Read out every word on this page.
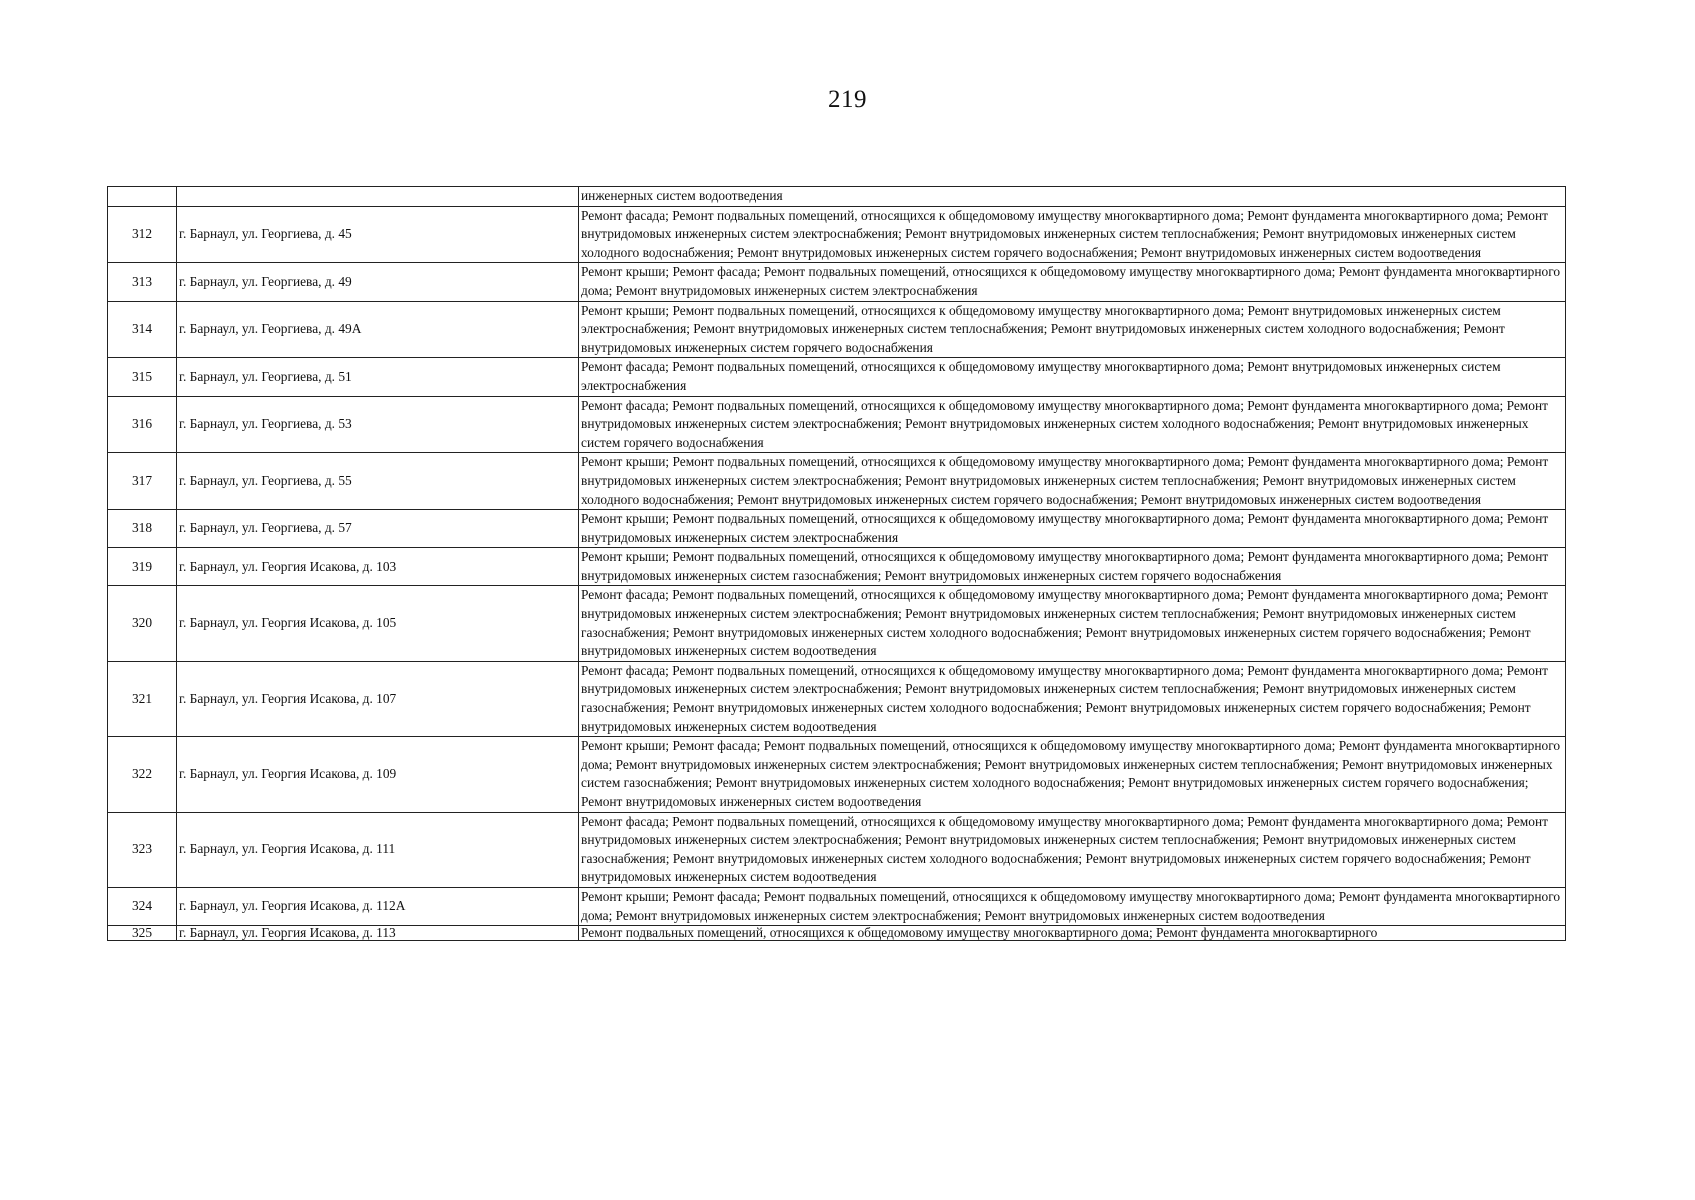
219
		инженерных систем водоотведения
312	г. Барнаул, ул. Георгиева, д. 45	Ремонт фасада; Ремонт подвальных помещений, относящихся к общедомовому имуществу многоквартирного дома; Ремонт фундамента многоквартирного дома; Ремонт внутридомовых инженерных систем электроснабжения; Ремонт внутридомовых инженерных систем теплоснабжения; Ремонт внутридомовых инженерных систем холодного водоснабжения; Ремонт внутридомовых инженерных систем горячего водоснабжения; Ремонт внутридомовых инженерных систем водоотведения
313	г. Барнаул, ул. Георгиева, д. 49	Ремонт крыши; Ремонт фасада; Ремонт подвальных помещений, относящихся к общедомовому имуществу многоквартирного дома; Ремонт фундамента многоквартирного дома; Ремонт внутридомовых инженерных систем электроснабжения
314	г. Барнаул, ул. Георгиева, д. 49А	Ремонт крыши; Ремонт подвальных помещений, относящихся к общедомовому имуществу многоквартирного дома; Ремонт внутридомовых инженерных систем электроснабжения; Ремонт внутридомовых инженерных систем теплоснабжения; Ремонт внутридомовых инженерных систем холодного водоснабжения; Ремонт внутридомовых инженерных систем горячего водоснабжения
315	г. Барнаул, ул. Георгиева, д. 51	Ремонт фасада; Ремонт подвальных помещений, относящихся к общедомовому имуществу многоквартирного дома; Ремонт внутридомовых инженерных систем электроснабжения
316	г. Барнаул, ул. Георгиева, д. 53	Ремонт фасада; Ремонт подвальных помещений, относящихся к общедомовому имуществу многоквартирного дома; Ремонт фундамента многоквартирного дома; Ремонт внутридомовых инженерных систем электроснабжения; Ремонт внутридомовых инженерных систем холодного водоснабжения; Ремонт внутридомовых инженерных систем горячего водоснабжения
317	г. Барнаул, ул. Георгиева, д. 55	Ремонт крыши; Ремонт подвальных помещений, относящихся к общедомовому имуществу многоквартирного дома; Ремонт фундамента многоквартирного дома; Ремонт внутридомовых инженерных систем электроснабжения; Ремонт внутридомовых инженерных систем теплоснабжения; Ремонт внутридомовых инженерных систем холодного водоснабжения; Ремонт внутридомовых инженерных систем горячего водоснабжения; Ремонт внутридомовых инженерных систем водоотведения
318	г. Барнаул, ул. Георгиева, д. 57	Ремонт крыши; Ремонт подвальных помещений, относящихся к общедомовому имуществу многоквартирного дома; Ремонт фундамента многоквартирного дома; Ремонт внутридомовых инженерных систем электроснабжения
319	г. Барнаул, ул. Георгия Исакова, д. 103	Ремонт крыши; Ремонт подвальных помещений, относящихся к общедомовому имуществу многоквартирного дома; Ремонт фундамента многоквартирного дома; Ремонт внутридомовых инженерных систем газоснабжения; Ремонт внутридомовых инженерных систем горячего водоснабжения
320	г. Барнаул, ул. Георгия Исакова, д. 105	Ремонт фасада; Ремонт подвальных помещений, относящихся к общедомовому имуществу многоквартирного дома; Ремонт фундамента многоквартирного дома; Ремонт внутридомовых инженерных систем электроснабжения; Ремонт внутридомовых инженерных систем теплоснабжения; Ремонт внутридомовых инженерных систем газоснабжения; Ремонт внутридомовых инженерных систем холодного водоснабжения; Ремонт внутридомовых инженерных систем горячего водоснабжения; Ремонт внутридомовых инженерных систем водоотведения
321	г. Барнаул, ул. Георгия Исакова, д. 107	Ремонт фасада; Ремонт подвальных помещений, относящихся к общедомовому имуществу многоквартирного дома; Ремонт фундамента многоквартирного дома; Ремонт внутридомовых инженерных систем электроснабжения; Ремонт внутридомовых инженерных систем теплоснабжения; Ремонт внутридомовых инженерных систем газоснабжения; Ремонт внутридомовых инженерных систем холодного водоснабжения; Ремонт внутридомовых инженерных систем горячего водоснабжения; Ремонт внутридомовых инженерных систем водоотведения
322	г. Барнаул, ул. Георгия Исакова, д. 109	Ремонт крыши; Ремонт фасада; Ремонт подвальных помещений, относящихся к общедомовому имуществу многоквартирного дома; Ремонт фундамента многоквартирного дома; Ремонт внутридомовых инженерных систем электроснабжения; Ремонт внутридомовых инженерных систем теплоснабжения; Ремонт внутридомовых инженерных систем газоснабжения; Ремонт внутридомовых инженерных систем холодного водоснабжения; Ремонт внутридомовых инженерных систем горячего водоснабжения; Ремонт внутридомовых инженерных систем водоотведения
323	г. Барнаул, ул. Георгия Исакова, д. 111	Ремонт фасада; Ремонт подвальных помещений, относящихся к общедомовому имуществу многоквартирного дома; Ремонт фундамента многоквартирного дома; Ремонт внутридомовых инженерных систем электроснабжения; Ремонт внутридомовых инженерных систем теплоснабжения; Ремонт внутридомовых инженерных систем газоснабжения; Ремонт внутридомовых инженерных систем холодного водоснабжения; Ремонт внутридомовых инженерных систем горячего водоснабжения; Ремонт внутридомовых инженерных систем водоотведения
324	г. Барнаул, ул. Георгия Исакова, д. 112А	Ремонт крыши; Ремонт фасада; Ремонт подвальных помещений, относящихся к общедомовому имуществу многоквартирного дома; Ремонт фундамента многоквартирного дома; Ремонт внутридомовых инженерных систем электроснабжения; Ремонт внутридомовых инженерных систем водоотведения
325	г. Барнаул, ул. Георгия Исакова, д. 113	Ремонт подвальных помещений, относящихся к общедомовому имуществу многоквартирного дома; Ремонт фундамента многоквартирного
